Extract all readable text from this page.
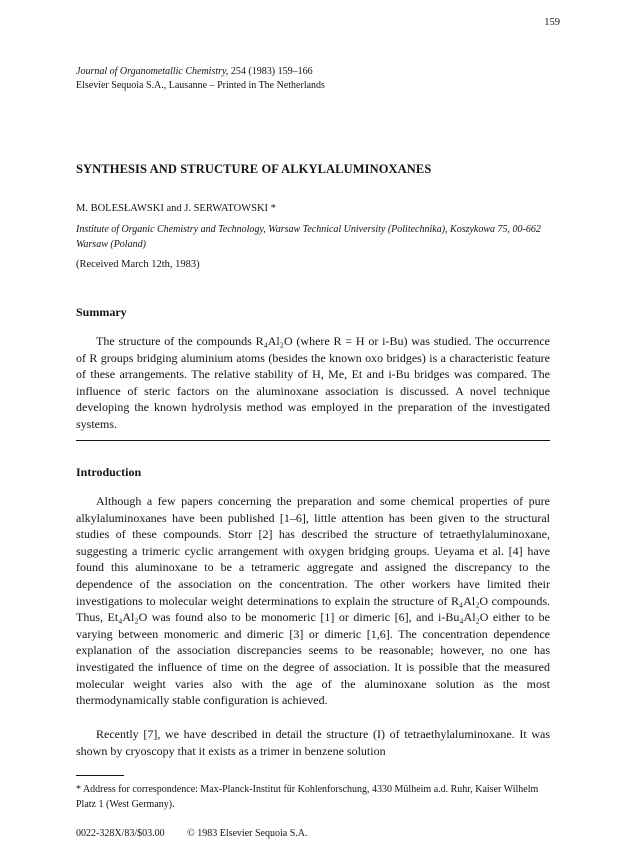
159
Journal of Organometallic Chemistry, 254 (1983) 159–166
Elsevier Sequoia S.A., Lausanne – Printed in The Netherlands
SYNTHESIS AND STRUCTURE OF ALKYLALUMINOXANES
M. BOLESŁAWSKI and J. SERWATOWSKI *
Institute of Organic Chemistry and Technology, Warsaw Technical University (Politechnika), Koszykowa 75, 00-662 Warsaw (Poland)
(Received March 12th, 1983)
Summary

The structure of the compounds R₄Al₂O (where R = H or i-Bu) was studied. The occurrence of R groups bridging aluminium atoms (besides the known oxo bridges) is a characteristic feature of these arrangements. The relative stability of H, Me, Et and i-Bu bridges was compared. The influence of steric factors on the aluminoxane association is discussed. A novel technique developing the known hydrolysis method was employed in the preparation of the investigated systems.

Introduction

Although a few papers concerning the preparation and some chemical properties of pure alkylaluminoxanes have been published [1–6], little attention has been given to the structural studies of these compounds. Storr [2] has described the structure of tetraethylaluminoxane, suggesting a trimeric cyclic arrangement with oxygen bridging groups. Ueyama et al. [4] have found this aluminoxane to be a tetrameric aggregate and assigned the discrepancy to the dependence of the association on the concentration. The other workers have limited their investigations to molecular weight determinations to explain the structure of R₄Al₂O compounds. Thus, Et₄Al₂O was found also to be monomeric [1] or dimeric [6], and i-Bu₄Al₂O either to be varying between monomeric and dimeric [3] or dimeric [1,6]. The concentration dependence explanation of the association discrepancies seems to be reasonable; however, no one has investigated the influence of time on the degree of association. It is possible that the measured molecular weight varies also with the age of the aluminoxane solution as the most thermodynamically stable configuration is achieved.

Recently [7], we have described in detail the structure (I) of tetraethylaluminoxane. It was shown by cryoscopy that it exists as a trimer in benzene solution

* Address for correspondence: Max-Planck-Institut für Kohlenforschung, 4330 Mülheim a.d. Ruhr, Kaiser Wilhelm Platz 1 (West Germany).

0022-328X/83/$03.00 © 1983 Elsevier Sequoia S.A.
